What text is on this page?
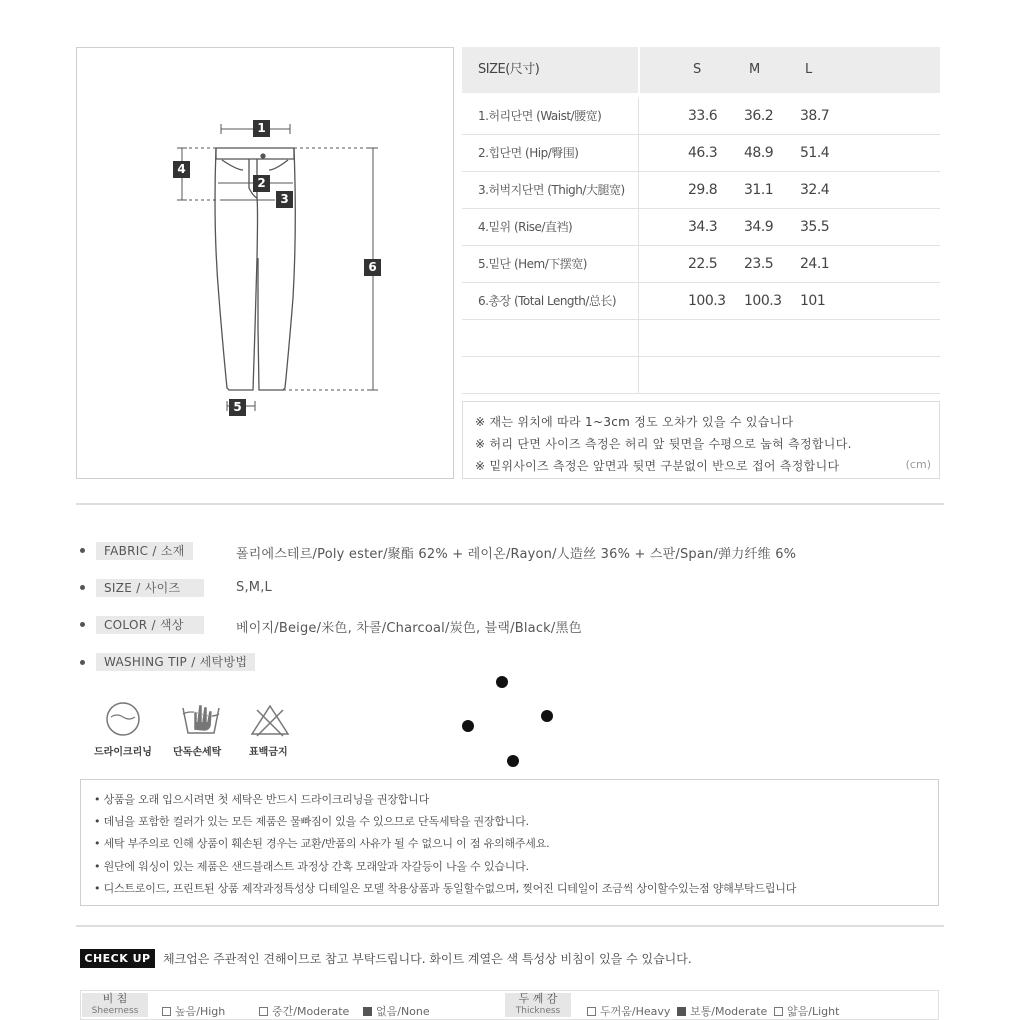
1
2
3
4
5
6
SIZE(尺寸)	S	M	L
1.허리단면 (Waist/腰宽)	33.6 36.2 38.7
2.힙단면 (Hip/臀围)	46.3 48.9 51.4
3.허벅지단면 (Thigh/大腿宽)	29.8 31.1 32.4
4.밑위 (Rise/直裆)	34.3 34.9 35.5
5.밑단 (Hem/下摆宽)	22.5 23.5 24.1
6.총장 (Total Length/总长)	100.3 100.3 101
※ 재는 위치에 따라 1~3cm 정도 오차가 있을 수 있습니다
※ 허리 단면 사이즈 측정은 허리 앞 뒷면을 수평으로 눕혀 측정합니다.
※ 밑위사이즈 측정은 앞면과 뒷면 구분없이 반으로 접어 측정합니다	(cm)
FABRIC / 소재	폴리에스테르/Poly ester/聚酯 62% + 레이온/Rayon/人造丝 36% + 스판/Span/弹力纤维 6%
SIZE / 사이즈	S,M,L
COLOR / 색상	베이지/Beige/米色, 차콜/Charcoal/炭色, 블랙/Black/黑色
WASHING TIP / 세탁방법
드라이크리닝 단독손세탁	표백금지
• 상품을 오래 입으시려면 첫 세탁은 반드시 드라이크리닝을 권장합니다
• 데님을 포함한 컬러가 있는 모든 제품은 물빠짐이 있을 수 있으므로 단독세탁을 권장합니다.
• 세탁 부주의로 인해 상품이 훼손된 경우는 교환/반품의 사유가 될 수 없으니 이 점 유의해주세요.
• 원단에 워싱이 있는 제품은 샌드블래스트 과정상 간혹 모래알과 자갈등이 나올 수 있습니다.
• 디스트로이드, 프린트된 상품 제작과정특성상 디테일은 모델 착용상품과 동일할수없으며, 찢어진 디테일이 조금씩 상이할수있는점 양해부탁드립니다
CHECK UP	체크업은 주관적인 견해이므로 참고 부탁드립니다. 화이트 계열은 색 특성상 비침이 있을 수 있습니다.
비 침
Sheerness	높음/High	중간/Moderate	없음/None
두 께 감
Thickness	두꺼움/Heavy	보통/Moderate	얇음/Light
